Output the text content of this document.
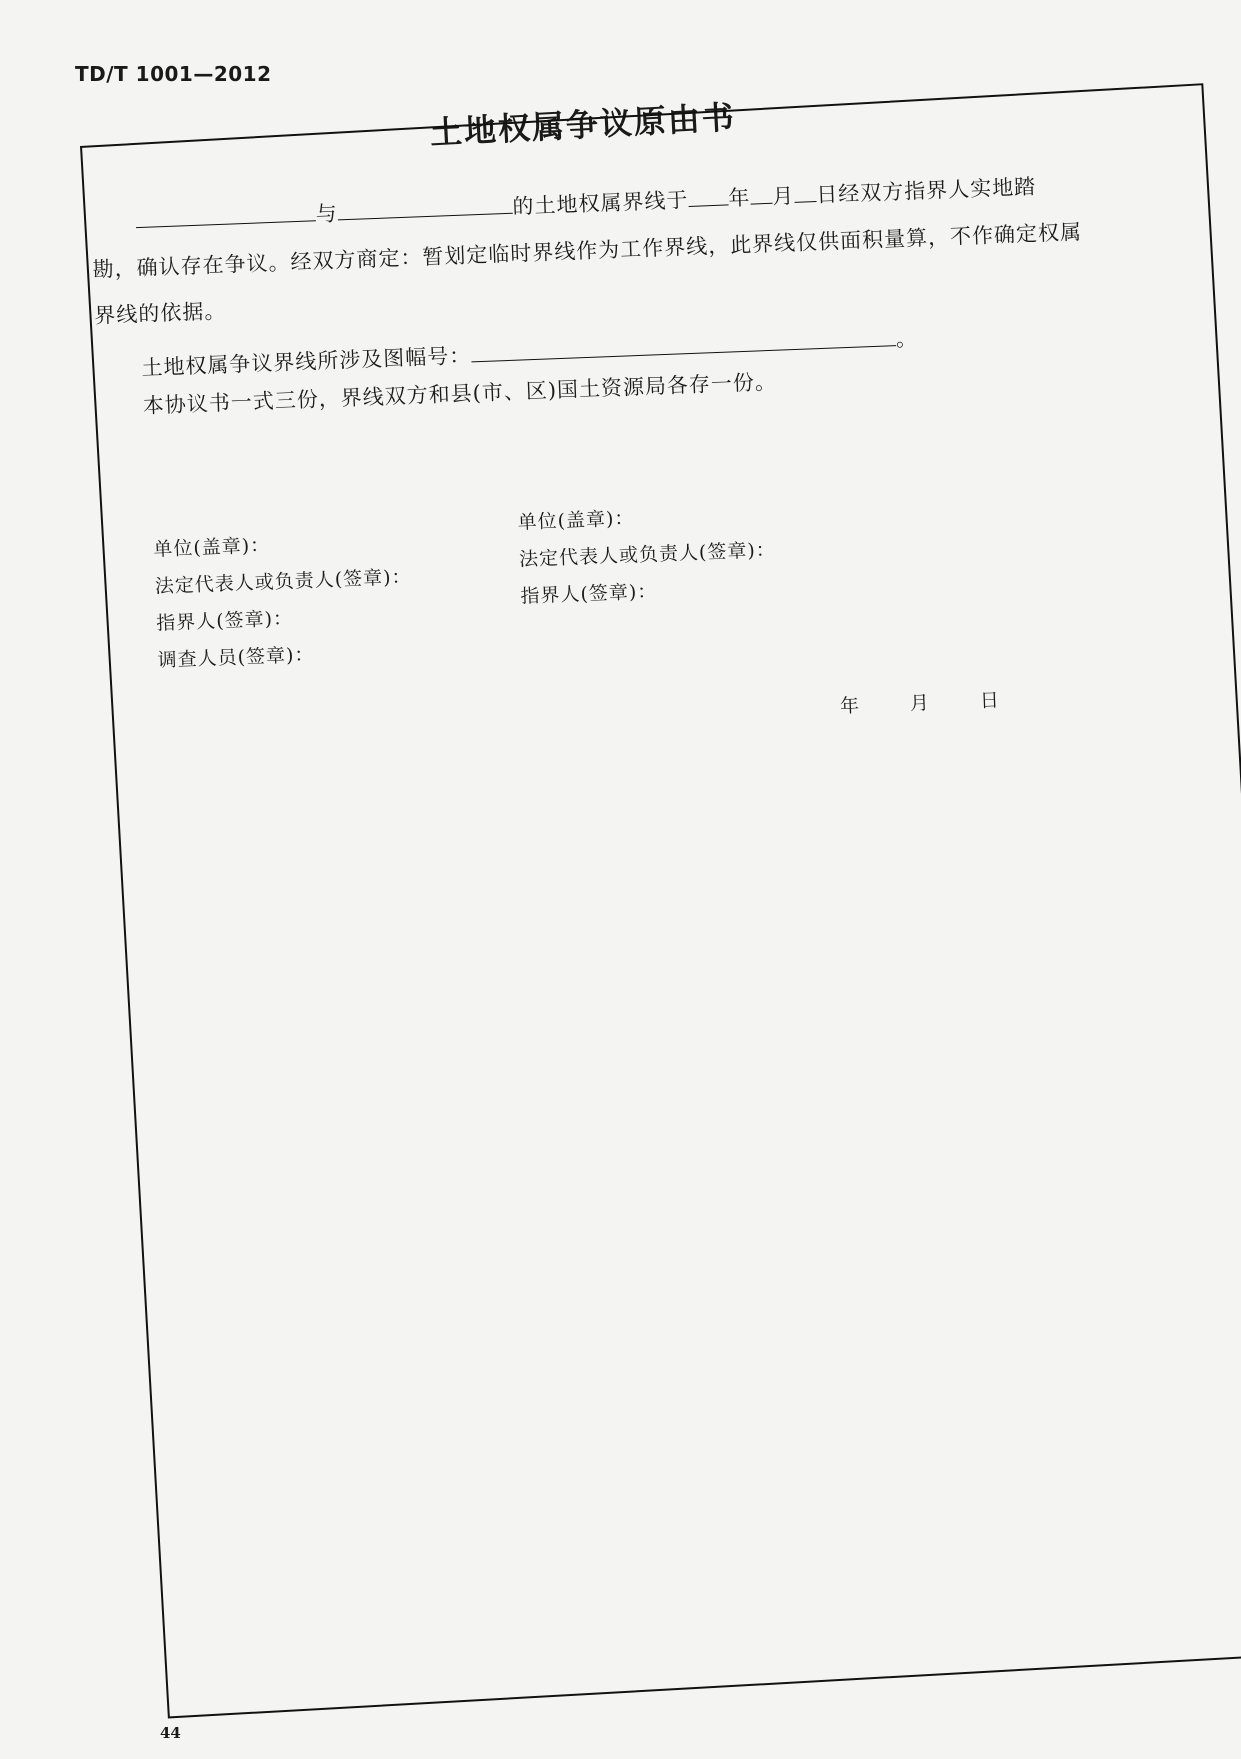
TD/T 1001—2012
土地权属争议原由书
与	的土地权属界线于 年 月 日经双方指界人实地踏
勘，确认存在争议。经双方商定：暂划定临时界线作为工作界线，此界线仅供面积量算，不作确定权属
界线的依据。
土地权属争议界线所涉及图幅号：。
本协议书一式三份，界线双方和县(市、区)国土资源局各存一份。
单位(盖章)：
法定代表人或负责人(签章)：
指界人(签章)：
调查人员(签章)：
单位(盖章)：
法定代表人或负责人(签章)：
指界人(签章)：
年	月	日
44
